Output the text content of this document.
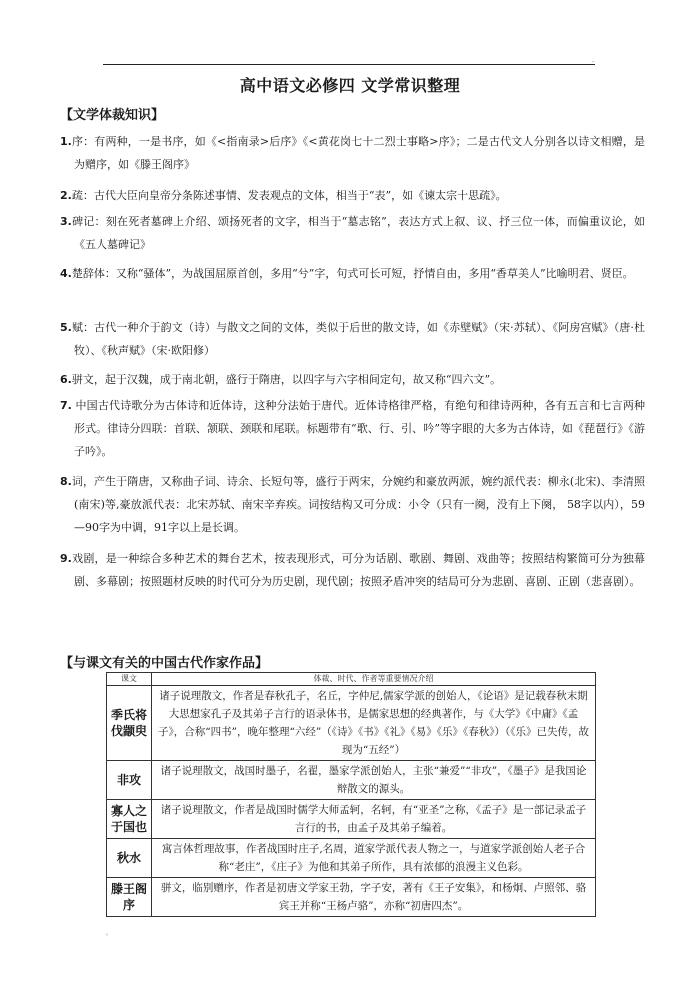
.
高中语文必修四 文学常识整理
【文学体裁知识】
1.序：有两种，一是书序，如《<指南录>后序》《<黄花岗七十二烈士事略>序》；二是古代文人分别各以诗文相赠，是为赠序，如《滕王阁序》
2.疏：古代大臣向皇帝分条陈述事情、发表观点的文体，相当于“表”，如《谏太宗十思疏》。
3.碑记：刻在死者墓碑上介绍、颂扬死者的文字，相当于“墓志铭”，表达方式上叙、议、抒三位一体，而偏重议论，如《五人墓碑记》
4.楚辞体：又称“骚体”，为战国屈原首创，多用“兮”字，句式可长可短，抒情自由，多用“香草美人”比喻明君、贤臣。
5.赋：古代一种介于韵文（诗）与散文之间的文体，类似于后世的散文诗，如《赤壁赋》（宋·苏轼）、《阿房宫赋》（唐·杜牧）、《秋声赋》（宋·欧阳修）
6.骈文，起于汉魏，成于南北朝，盛行于隋唐，以四字与六字相间定句，故又称“四六文”。
7. 中国古代诗歌分为古体诗和近体诗，这种分法始于唐代。近体诗格律严格，有绝句和律诗两种，各有五言和七言两种形式。律诗分四联：首联、颔联、颈联和尾联。标题带有“歌、行、引、吟”等字眼的大多为古体诗，如《琵琶行》《游子吟》。
8.词，产生于隋唐，又称曲子词、诗余、长短句等，盛行于两宋，分婉约和豪放两派，婉约派代表：柳永(北宋)、李清照(南宋)等,豪放派代表：北宋苏轼、南宋辛弃疾。词按结构又可分成：小令（只有一阕，没有上下阕， 58字以内），59—90字为中调，91字以上是长调。
9.戏剧，是一种综合多种艺术的舞台艺术，按表现形式，可分为话剧、歌剧、舞剧、戏曲等；按照结构繁简可分为独幕剧、多幕剧；按照题材反映的时代可分为历史剧，现代剧；按照矛盾冲突的结局可分为悲剧、喜剧、正剧（悲喜剧）。
【与课文有关的中国古代作家作品】
课文	体裁、时代、作者等重要情况介绍
季氏将伐颛臾	诸子说理散文，作者是春秋孔子，名丘，字仲尼,儒家学派的创始人，《论语》是记载春秋末期大思想家孔子及其弟子言行的语录体书，是儒家思想的经典著作，与《大学》《中庸》《孟子》，合称“四书”，晚年整理“六经”（《诗》《书》《礼》《易》《乐》《春秋》）（《乐》已失传，故现为“五经”）
非攻	诸子说理散文，战国时墨子，名翟，墨家学派创始人，主张“兼爱”“非攻”，《墨子》是我国论辩散文的源头。
寡人之于国也	诸子说理散文，作者是战国时儒学大师孟轲，名轲，有“亚圣”之称，《孟子》是一部记录孟子言行的书，由孟子及其弟子编着。
秋水	寓言体哲理故事，作者战国时庄子,名周，道家学派代表人物之一，与道家学派创始人老子合称“老庄”，《庄子》为他和其弟子所作，具有浓郁的浪漫主义色彩。
滕王阁序	骈文，临别赠序，作者是初唐文学家王勃，字子安，著有《王子安集》，和杨炯、卢照邻、骆宾王并称“王杨卢骆”，亦称“初唐四杰”。
'
